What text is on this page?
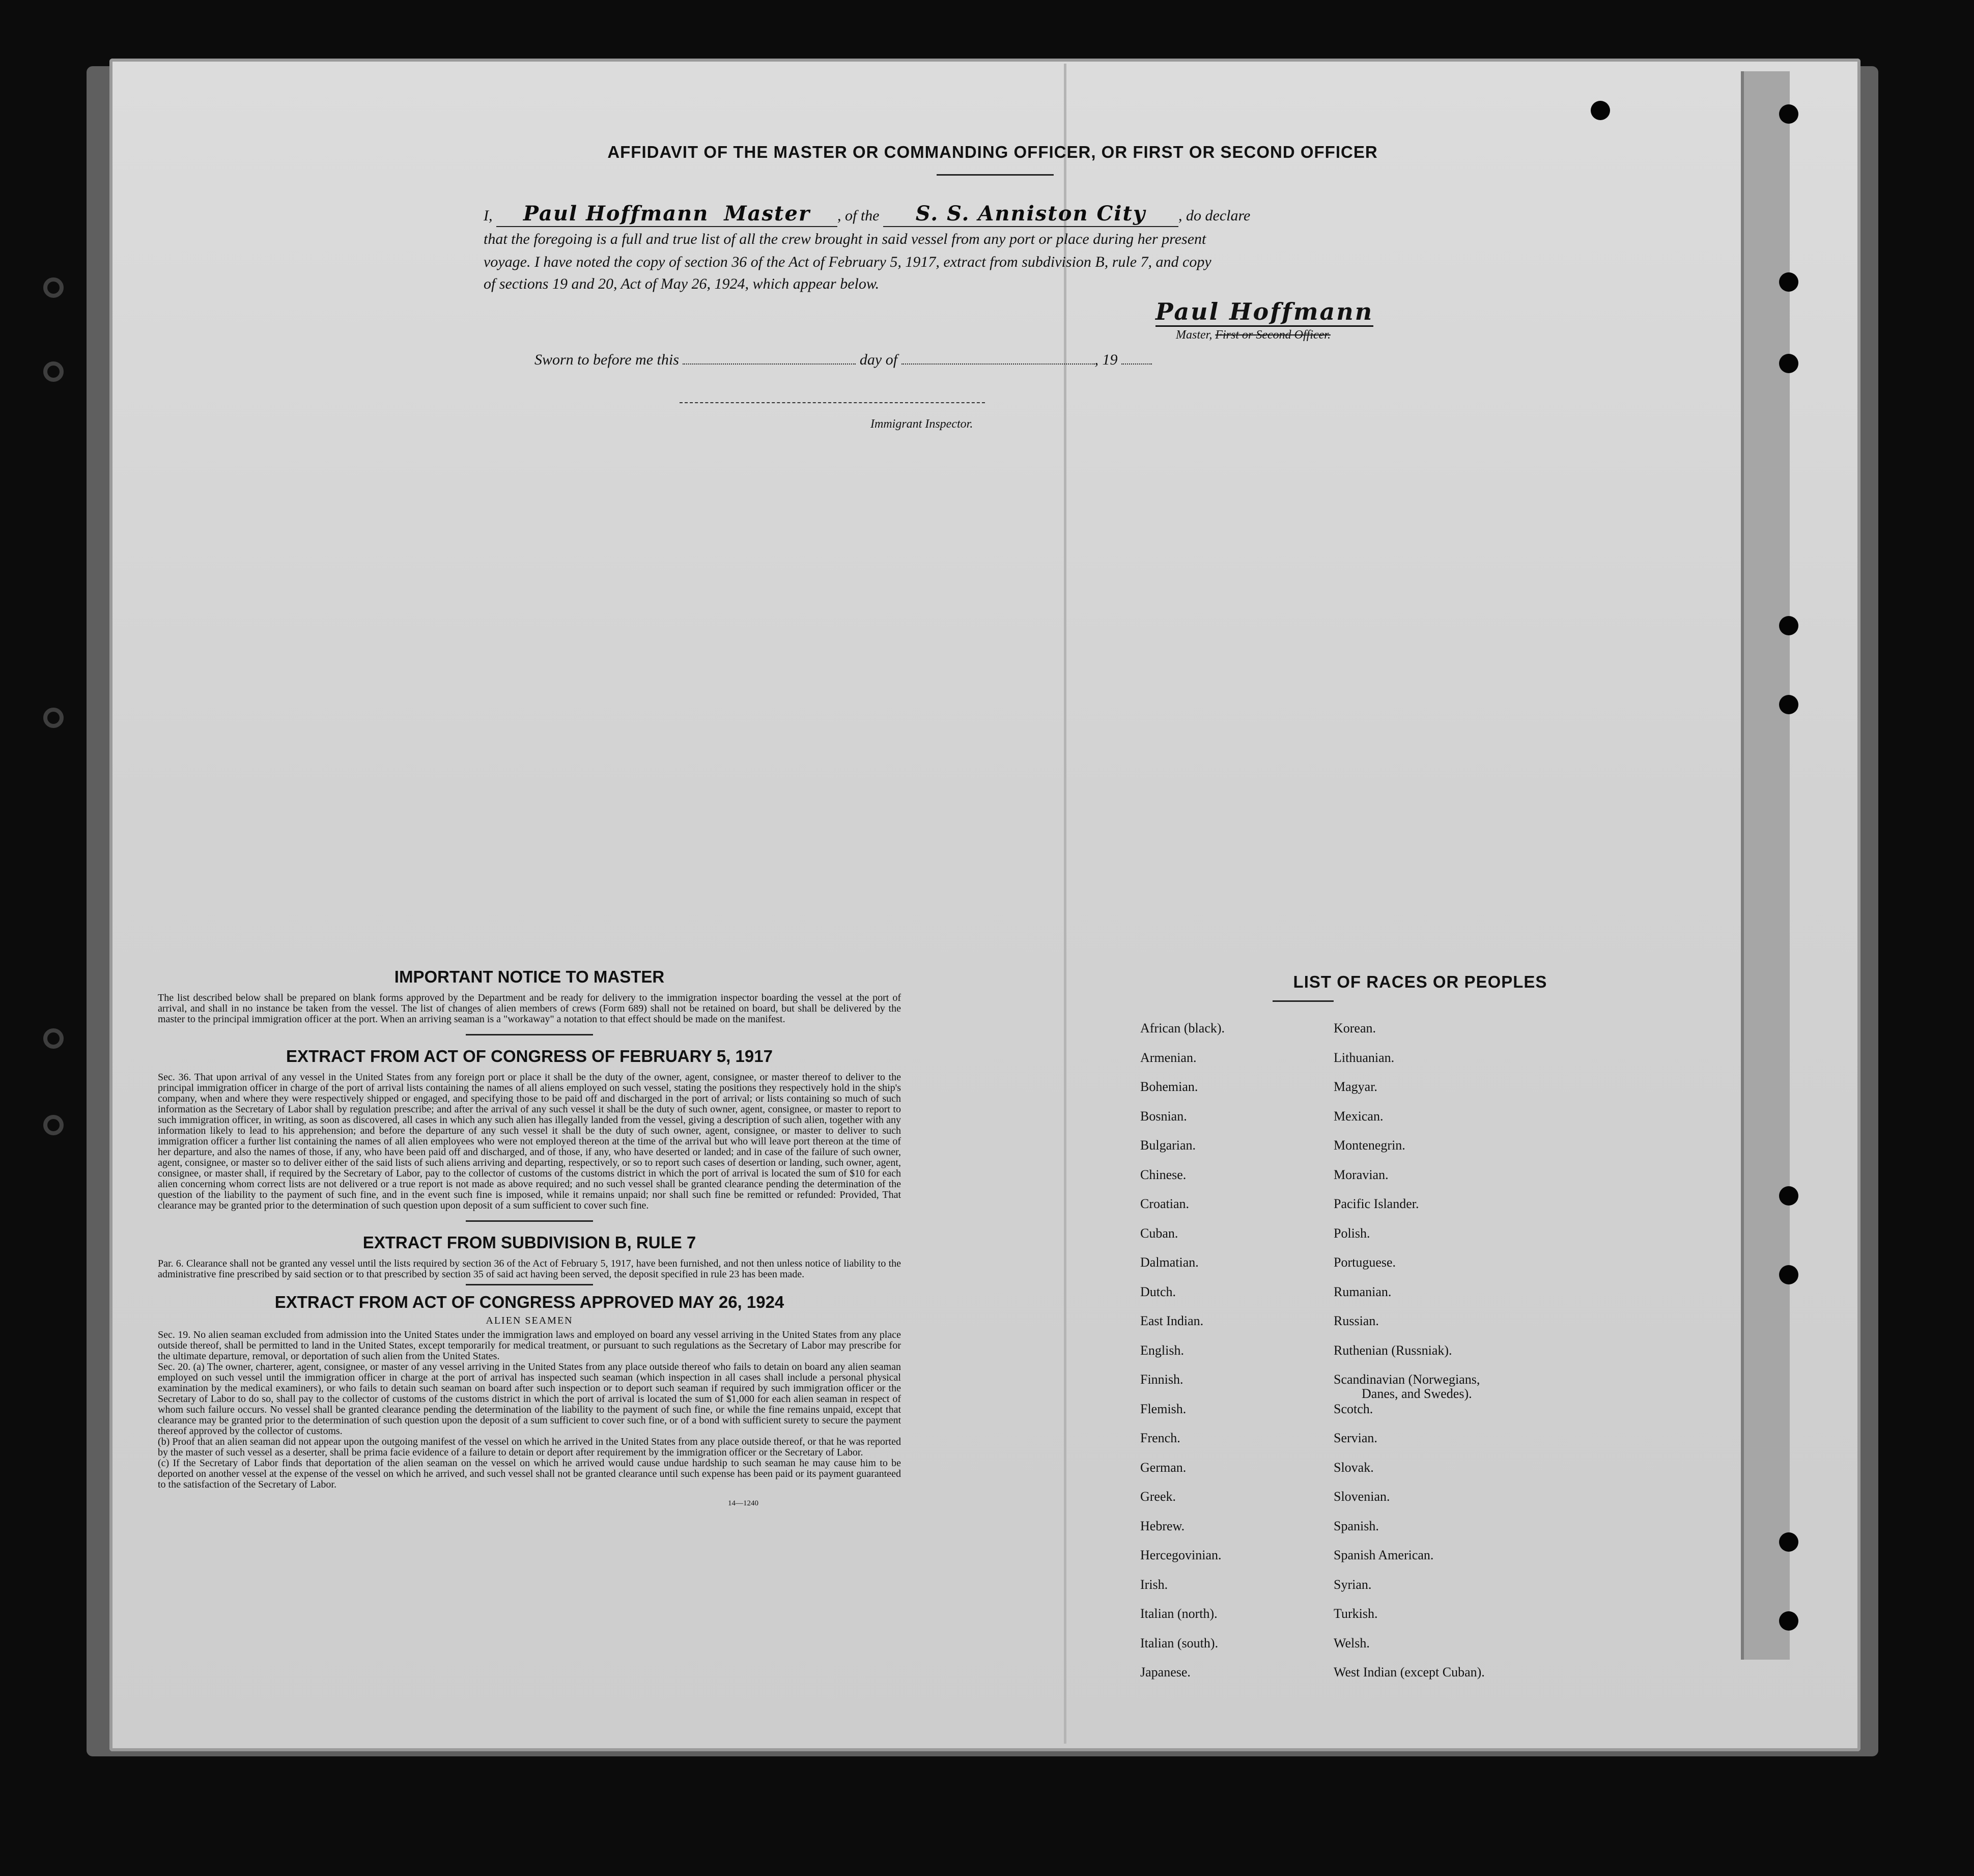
AFFIDAVIT OF THE MASTER OR COMMANDING OFFICER, OR FIRST OR SECOND OFFICER
I, Paul Hoffmann Master , of the S. S. Anniston City , do declare
that the foregoing is a full and true list of all the crew brought in said vessel from any port or place during her present
voyage. I have noted the copy of section 36 of the Act of February 5, 1917, extract from subdivision B, rule 7, and copy
of sections 19 and 20, Act of May 26, 1924, which appear below.
Paul Hoffmann
Master, First or Second Officer.
Sworn to before me this	day of	, 19
Immigrant Inspector.
IMPORTANT NOTICE TO MASTER

The list described below shall be prepared on blank forms approved by the Department and be ready for delivery to the immigration inspector boarding the vessel at the port of arrival, and shall in no instance be taken from the vessel. The list of changes of alien members of crews (Form 689) shall not be retained on board, but shall be delivered by the master to the principal immigration officer at the port. When an arriving seaman is a "workaway" a notation to that effect should be made on the manifest.

EXTRACT FROM ACT OF CONGRESS OF FEBRUARY 5, 1917

Sec. 36. That upon arrival of any vessel in the United States from any foreign port or place it shall be the duty of the owner, agent, consignee, or master thereof to deliver to the principal immigration officer in charge of the port of arrival lists containing the names of all aliens employed on such vessel, stating the positions they respectively hold in the ship's company, when and where they were respectively shipped or engaged, and specifying those to be paid off and discharged in the port of arrival; or lists containing so much of such information as the Secretary of Labor shall by regulation prescribe; and after the arrival of any such vessel it shall be the duty of such owner, agent, consignee, or master to report to such immigration officer, in writing, as soon as discovered, all cases in which any such alien has illegally landed from the vessel, giving a description of such alien, together with any information likely to lead to his apprehension; and before the departure of any such vessel it shall be the duty of such owner, agent, consignee, or master to deliver to such immigration officer a further list containing the names of all alien employees who were not employed thereon at the time of the arrival but who will leave port thereon at the time of her departure, and also the names of those, if any, who have been paid off and discharged, and of those, if any, who have deserted or landed; and in case of the failure of such owner, agent, consignee, or master so to deliver either of the said lists of such aliens arriving and departing, respectively, or so to report such cases of desertion or landing, such owner, agent, consignee, or master shall, if required by the Secretary of Labor, pay to the collector of customs of the customs district in which the port of arrival is located the sum of $10 for each alien concerning whom correct lists are not delivered or a true report is not made as above required; and no such vessel shall be granted clearance pending the determination of the question of the liability to the payment of such fine, and in the event such fine is imposed, while it remains unpaid; nor shall such fine be remitted or refunded: Provided, That clearance may be granted prior to the determination of such question upon deposit of a sum sufficient to cover such fine.

EXTRACT FROM SUBDIVISION B, RULE 7

Par. 6. Clearance shall not be granted any vessel until the lists required by section 36 of the Act of February 5, 1917, have been furnished, and not then unless notice of liability to the administrative fine prescribed by said section or to that prescribed by section 35 of said act having been served, the deposit specified in rule 23 has been made.

EXTRACT FROM ACT OF CONGRESS APPROVED MAY 26, 1924
ALIEN SEAMEN

Sec. 19. No alien seaman excluded from admission into the United States under the immigration laws and employed on board any vessel arriving in the United States from any place outside thereof, shall be permitted to land in the United States, except temporarily for medical treatment, or pursuant to such regulations as the Secretary of Labor may prescribe for the ultimate departure, removal, or deportation of such alien from the United States.

Sec. 20. (a) The owner, charterer, agent, consignee, or master of any vessel arriving in the United States from any place outside thereof who fails to detain on board any alien seaman employed on such vessel until the immigration officer in charge at the port of arrival has inspected such seaman (which inspection in all cases shall include a personal physical examination by the medical examiners), or who fails to detain such seaman on board after such inspection or to deport such seaman if required by such immigration officer or the Secretary of Labor to do so, shall pay to the collector of customs of the customs district in which the port of arrival is located the sum of $1,000 for each alien seaman in respect of whom such failure occurs. No vessel shall be granted clearance pending the determination of the liability to the payment of such fine, or while the fine remains unpaid, except that clearance may be granted prior to the determination of such question upon the deposit of a sum sufficient to cover such fine, or of a bond with sufficient surety to secure the payment thereof approved by the collector of customs.

(b) Proof that an alien seaman did not appear upon the outgoing manifest of the vessel on which he arrived in the United States from any place outside thereof, or that he was reported by the master of such vessel as a deserter, shall be prima facie evidence of a failure to detain or deport after requirement by the immigration officer or the Secretary of Labor.

(c) If the Secretary of Labor finds that deportation of the alien seaman on the vessel on which he arrived would cause undue hardship to such seaman he may cause him to be deported on another vessel at the expense of the vessel on which he arrived, and such vessel shall not be granted clearance until such expense has been paid or its payment guaranteed to the satisfaction of the Secretary of Labor.

14—1240
LIST OF RACES OR PEOPLES
African (black).
Armenian.
Bohemian.
Bosnian.
Bulgarian.
Chinese.
Croatian.
Cuban.
Dalmatian.
Dutch.
East Indian.
English.
Finnish.
Flemish.
French.
German.
Greek.
Hebrew.
Hercegovinian.
Irish.
Italian (north).
Italian (south).
Japanese.
Korean.
Lithuanian.
Magyar.
Mexican.
Montenegrin.
Moravian.
Pacific Islander.
Polish.
Portuguese.
Rumanian.
Russian.
Ruthenian (Russniak).
Scandinavian (Norwegians,
Danes, and Swedes).
Scotch.
Servian.
Slovak.
Slovenian.
Spanish.
Spanish American.
Syrian.
Turkish.
Welsh.
West Indian (except Cuban).
